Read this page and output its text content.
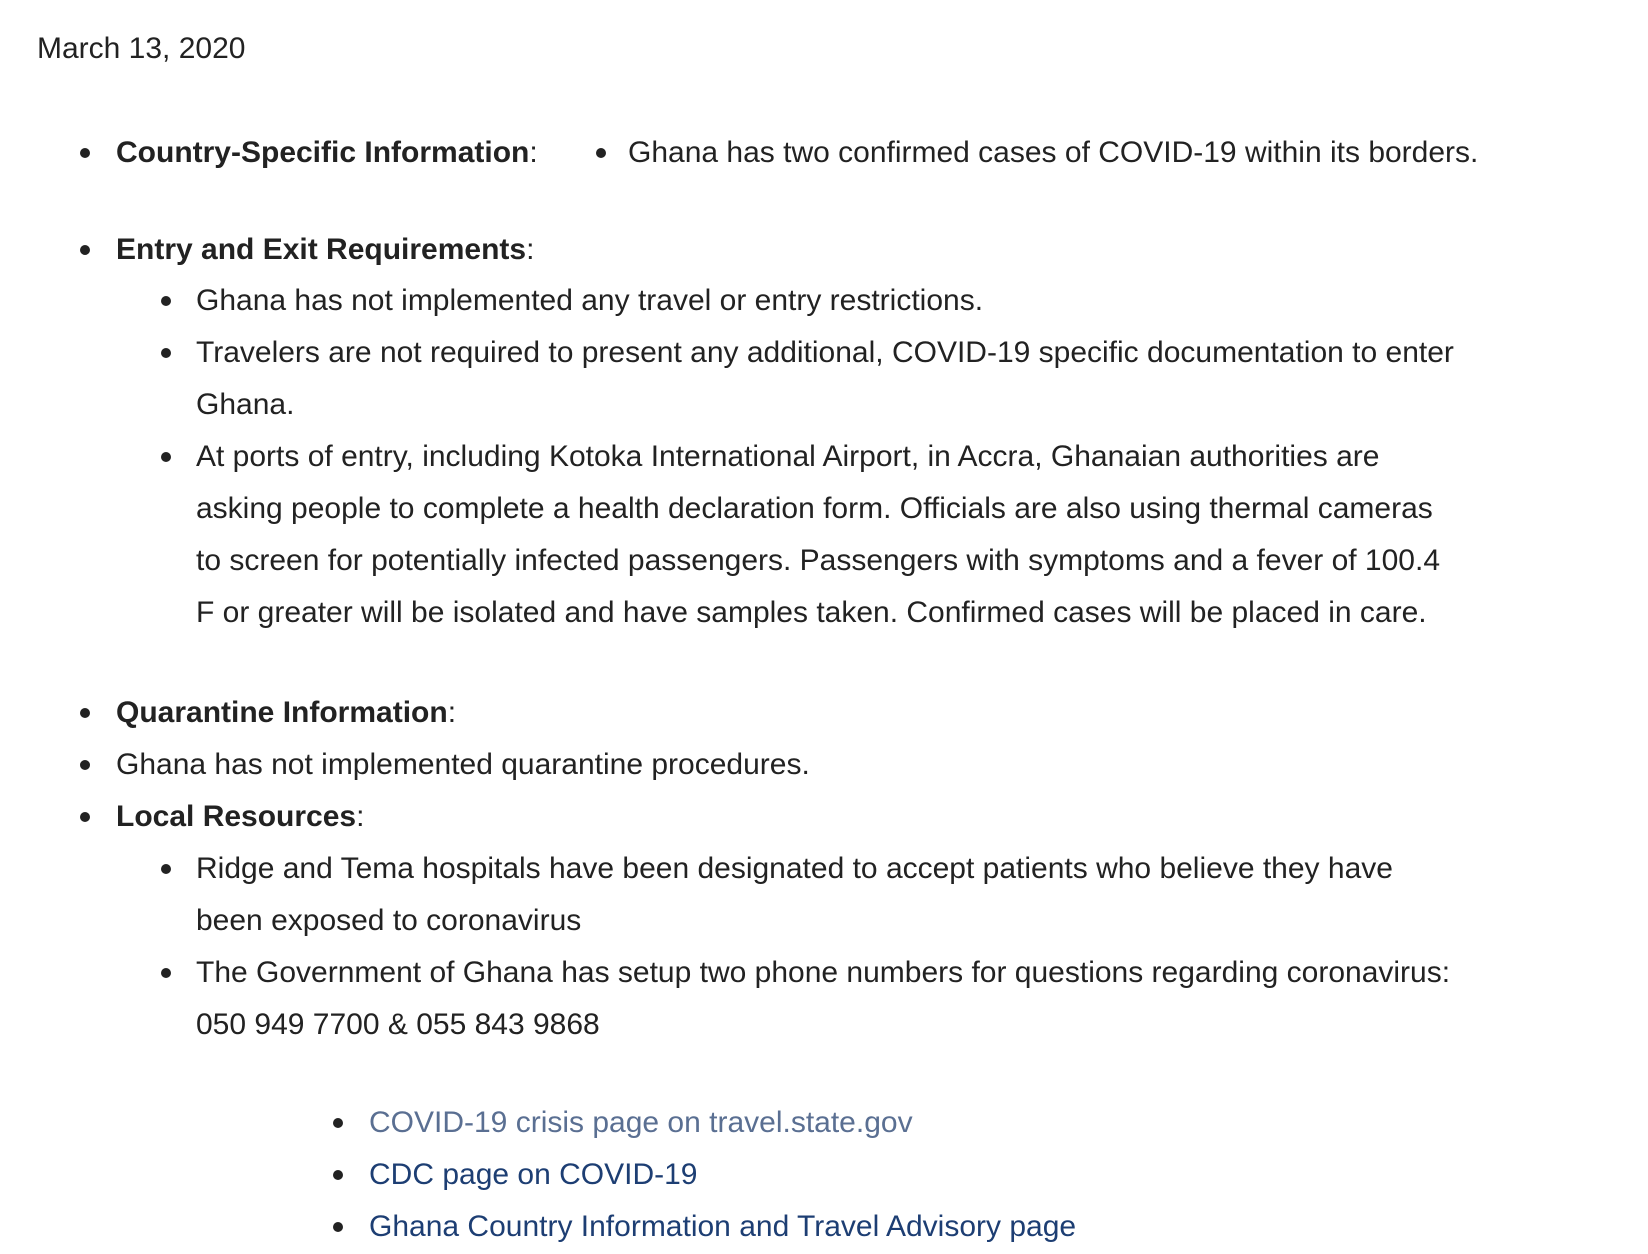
March 13, 2020
Country-Specific Information:	Ghana has two confirmed cases of COVID-19 within its borders.
Entry and Exit Requirements:
Ghana has not implemented any travel or entry restrictions.
Travelers are not required to present any additional, COVID-19 specific documentation to enter
Ghana.
At ports of entry, including Kotoka International Airport, in Accra, Ghanaian authorities are
asking people to complete a health declaration form. Officials are also using thermal cameras
to screen for potentially infected passengers. Passengers with symptoms and a fever of 100.4
F or greater will be isolated and have samples taken. Confirmed cases will be placed in care.
Quarantine Information:
Ghana has not implemented quarantine procedures.
Local Resources:
Ridge and Tema hospitals have been designated to accept patients who believe they have
been exposed to coronavirus
The Government of Ghana has setup two phone numbers for questions regarding coronavirus:
050 949 7700 & 055 843 9868
COVID-19 crisis page on travel.state.gov
CDC page on COVID-19
Ghana Country Information and Travel Advisory page
